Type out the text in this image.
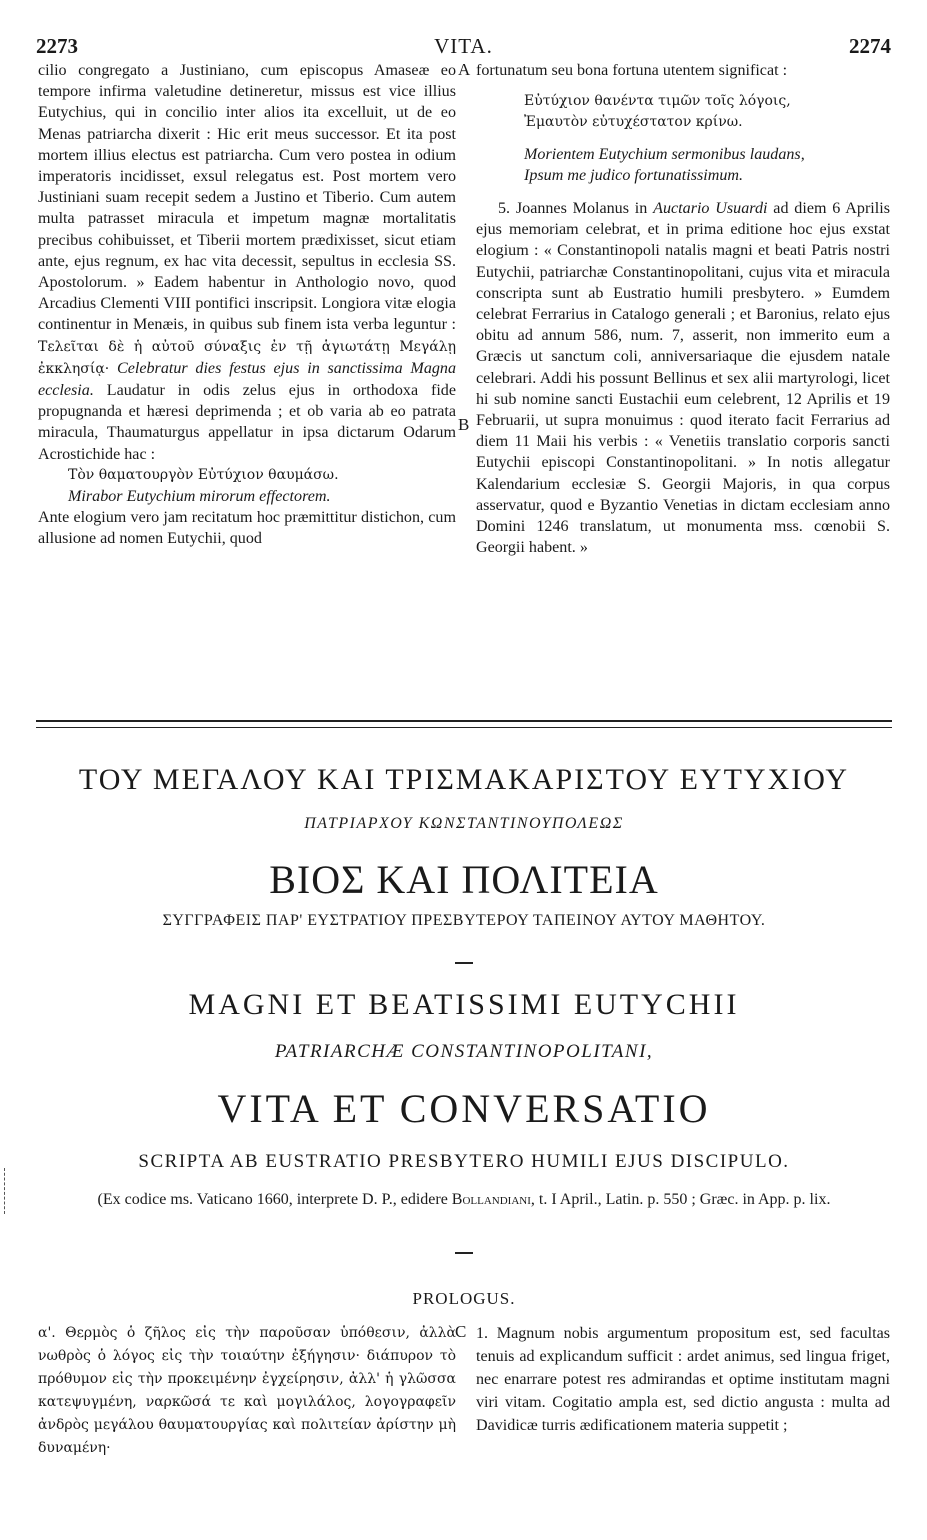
2273	VITA.	2274

cilio congregato a Justiniano, cum episcopus Amaseæ eo tempore infirma valetudine detineretur, missus est vice illius Eutychius, qui in concilio inter alios ita excelluit, ut de eo Menas patriarcha dixerit : Hic erit meus successor. Et ita post mortem illius electus est patriarcha. Cum vero postea in odium imperatoris incidisset, exsul relegatus est. Post mortem vero Justiniani suam recepit sedem a Justino et Tiberio. Cum autem multa patrasset miracula et impetum magnæ mortalitatis precibus cohibuisset, et Tiberii mortem prædixisset, sicut etiam ante, ejus regnum, ex hac vita decessit, sepultus in ecclesia SS. Apostolorum. » Eadem habentur in Anthologio novo, quod Arcadius Clementi VIII pontifici inscripsit. Longiora vitæ elogia continentur in Menæis, in quibus sub finem ista verba leguntur : Τελεῖται δὲ ἡ αὐτοῦ σύναξις ἐν τῇ ἁγιωτάτῃ Μεγάλῃ ἐκκλησίᾳ· Celebratur dies festus ejus in sanctissima Magna ecclesia. Laudatur in odis zelus ejus in orthodoxa fide propugnanda et hæresi deprimenda ; et ob varia ab eo patrata miracula, Thaumaturgus appellatur in ipsa dictarum Odarum Acrostichide hac :

Τὸν θαματουργὸν Εὐτύχιον θαυμάσω.
Mirabor Eutychium mirorum effectorem.

Ante elogium vero jam recitatum hoc præmittitur distichon, cum allusione ad nomen Eutychii, quod

A
B

fortunatum seu bona fortuna utentem significat :

Εὐτύχιον θανέντα τιμῶν τοῖς λόγοις,
Ἐμαυτὸν εὐτυχέστατον κρίνω.
Morientem Eutychium sermonibus laudans,
Ipsum me judico fortunatissimum.

5. Joannes Molanus in Auctario Usuardi ad diem 6 Aprilis ejus memoriam celebrat, et in prima editione hoc ejus exstat elogium : « Constantinopoli natalis magni et beati Patris nostri Eutychii, patriarchæ Constantinopolitani, cujus vita et miracula conscripta sunt ab Eustratio humili presbytero. » Eumdem celebrat Ferrarius in Catalogo generali ; et Baronius, relato ejus obitu ad annum 586, num. 7, asserit, non immerito eum a Græcis ut sanctum coli, anniversariaque die ejusdem natale celebrari. Addi his possunt Bellinus et sex alii martyrologi, licet hi sub nomine sancti Eustachii eum celebrent, 12 Aprilis et 19 Februarii, ut supra monuimus : quod iterato facit Ferrarius ad diem 11 Maii his verbis : « Venetiis translatio corporis sancti Eutychii episcopi Constantinopolitani. » In notis allegatur Kalendarium ecclesiæ S. Georgii Majoris, in qua corpus asservatur, quod e Byzantio Venetias in dictam ecclesiam anno Domini 1246 translatum, ut monumenta mss. cœnobii S. Georgii habent. »

ΤΟΥ ΜΕΓΑΛΟΥ ΚΑΙ ΤΡΙΣΜΑΚΑΡΙΣΤΟΥ ΕΥΤΥΧΙΟΥ
ΠΑΤΡΙΑΡΧΟΥ ΚΩΝΣΤΑΝΤΙΝΟΥΠΟΛΕΩΣ
ΒΙΟΣ ΚΑΙ ΠΟΛΙΤΕΙΑ
ΣΥΓΓΡΑΦΕΙΣ ΠΑΡ' ΕΥΣΤΡΑΤΙΟΥ ΠΡΕΣΒΥΤΕΡΟΥ ΤΑΠΕΙΝΟΥ ΑΥΤΟΥ ΜΑΘΗΤΟΥ.
MAGNI ET BEATISSIMI EUTYCHII
PATRIARCHÆ CONSTANTINOPOLITANI,
VITA ET CONVERSATIO
SCRIPTA AB EUSTRATIO PRESBYTERO HUMILI EJUS DISCIPULO.
(Ex codice ms. Vaticano 1660, interprete D. P., edidere Bollandiani, t. I April., Latin. p. 550 ; Græc. in App. p. lix.
PROLOGUS.
α'. Θερμὸς ὁ ζῆλος εἰς τὴν παροῦσαν ὑπόθεσιν, ἀλλὰ νωθρὸς ὁ λόγος εἰς τὴν τοιαύτην ἐξήγησιν· διάπυρον τὸ πρόθυμον εἰς τὴν προκειμένην ἐγχείρησιν, ἀλλ' ἡ γλῶσσα κατεψυγμένη, ναρκῶσά τε καὶ μογιλάλος, λογογραφεῖν ἀνδρὸς μεγάλου θαυματουργίας καὶ πολιτείαν ἀρίστην μὴ δυναμένη·
C 1. Magnum nobis argumentum propositum est, sed facultas tenuis ad explicandum sufficit : ardet animus, sed lingua friget, nec enarrare potest res admirandas et optime institutam magni viri vitam. Cogitatio ampla est, sed dictio angusta : multa ad Davidicæ turris ædificationem materia suppetit ;
